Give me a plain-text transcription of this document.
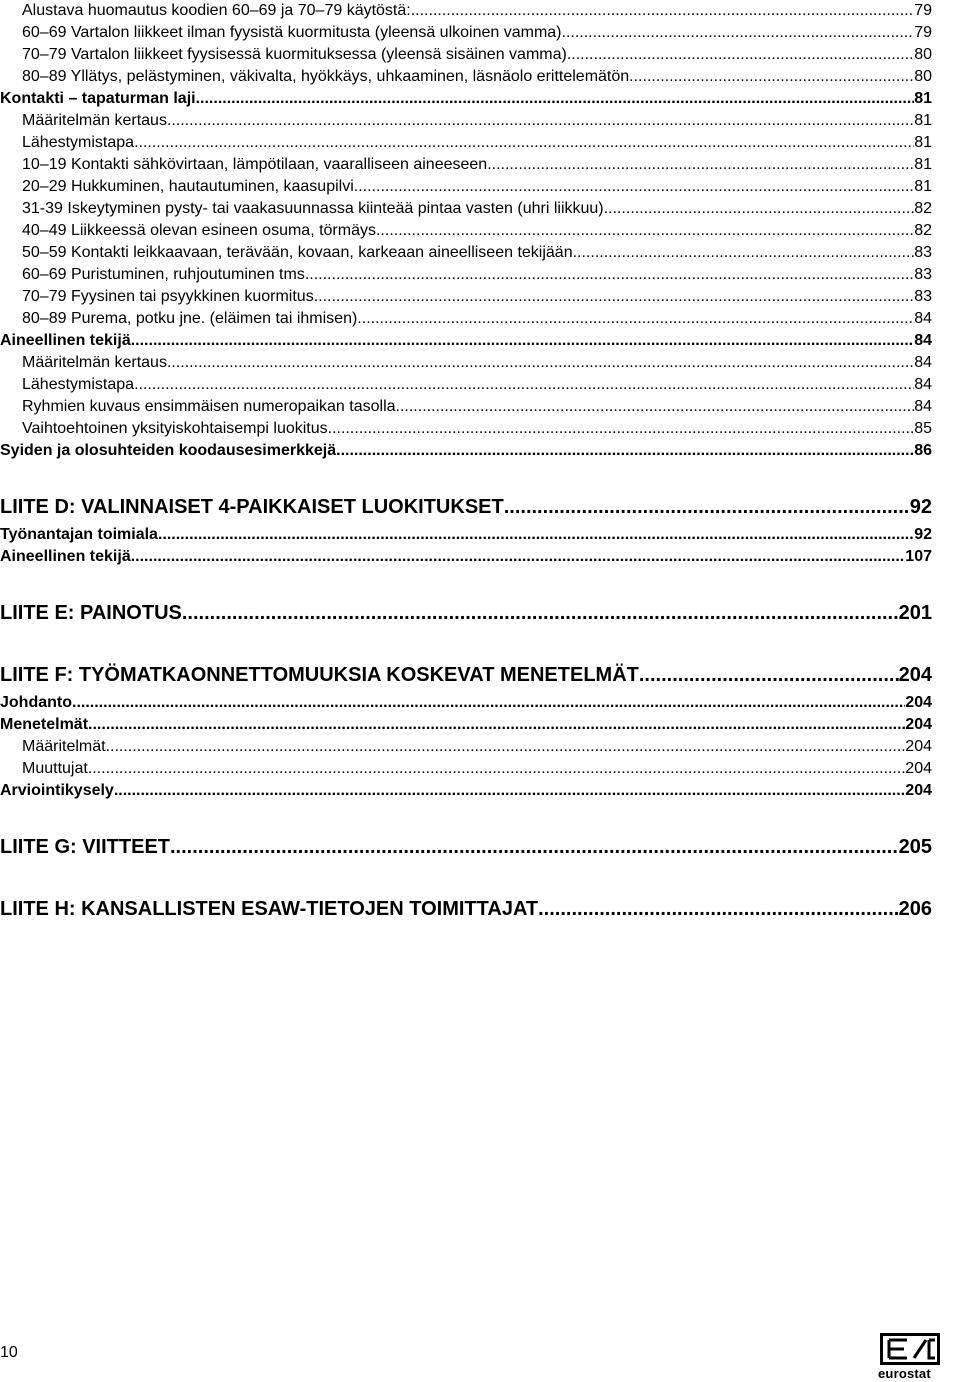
Alustava huomautus koodien 60–69 ja 70–79 käytöstä: .....	79
60–69 Vartalon liikkeet ilman fyysistä kuormitusta (yleensä ulkoinen vamma) .....	79
70–79 Vartalon liikkeet fyysisessä kuormituksessa (yleensä sisäinen vamma) .....	80
80–89 Yllätys, pelästyminen, väkivalta, hyökkäys, uhkaaminen, läsnäolo erittelemätön .....	80
Kontakti – tapaturman laji .....	81
Määritelmän kertaus .....	81
Lähestymistapa .....	81
10–19 Kontakti sähkövirtaan, lämpötilaan, vaaralliseen aineeseen .....	81
20–29 Hukkuminen, hautautuminen, kaasupilvi .....	81
31-39 Iskeytyminen pysty- tai vaakasuunnassa kiinteää pintaa vasten (uhri liikkuu) .....	82
40–49 Liikkeessä olevan esineen osuma, törmäys .....	82
50–59 Kontakti leikkaavaan, terävään, kovaan, karkeaan aineelliseen tekijään .....	83
60–69 Puristuminen, ruhjoutuminen tms. .....	83
70–79 Fyysinen tai psyykkinen kuormitus .....	83
80–89 Purema, potku jne. (eläimen tai ihmisen) .....	84
Aineellinen tekijä .....	84
Määritelmän kertaus .....	84
Lähestymistapa .....	84
Ryhmien kuvaus ensimmäisen numeropaikan tasolla .....	84
Vaihtoehtoinen yksityiskohtaisempi luokitus .....	85
Syiden ja olosuhteiden koodausesimerkkejä .....	86
LIITE D: VALINNAISET 4-PAIKKAISET LUOKITUKSET .....	92
Työnantajan toimiala .....	92
Aineellinen tekijä .....	107
LIITE E: PAINOTUS .....	201
LIITE F: TYÖMATKAONNETTOMUUKSIA KOSKEVAT MENETELMÄT .....	204
Johdanto .....	204
Menetelmät .....	204
Määritelmät .....	204
Muuttujat .....	204
Arviointikysely .....	204
LIITE G: VIITTEET .....	205
LIITE H: KANSALLISTEN ESAW-TIETOJEN TOIMITTAJAT .....	206
10
eurostat
